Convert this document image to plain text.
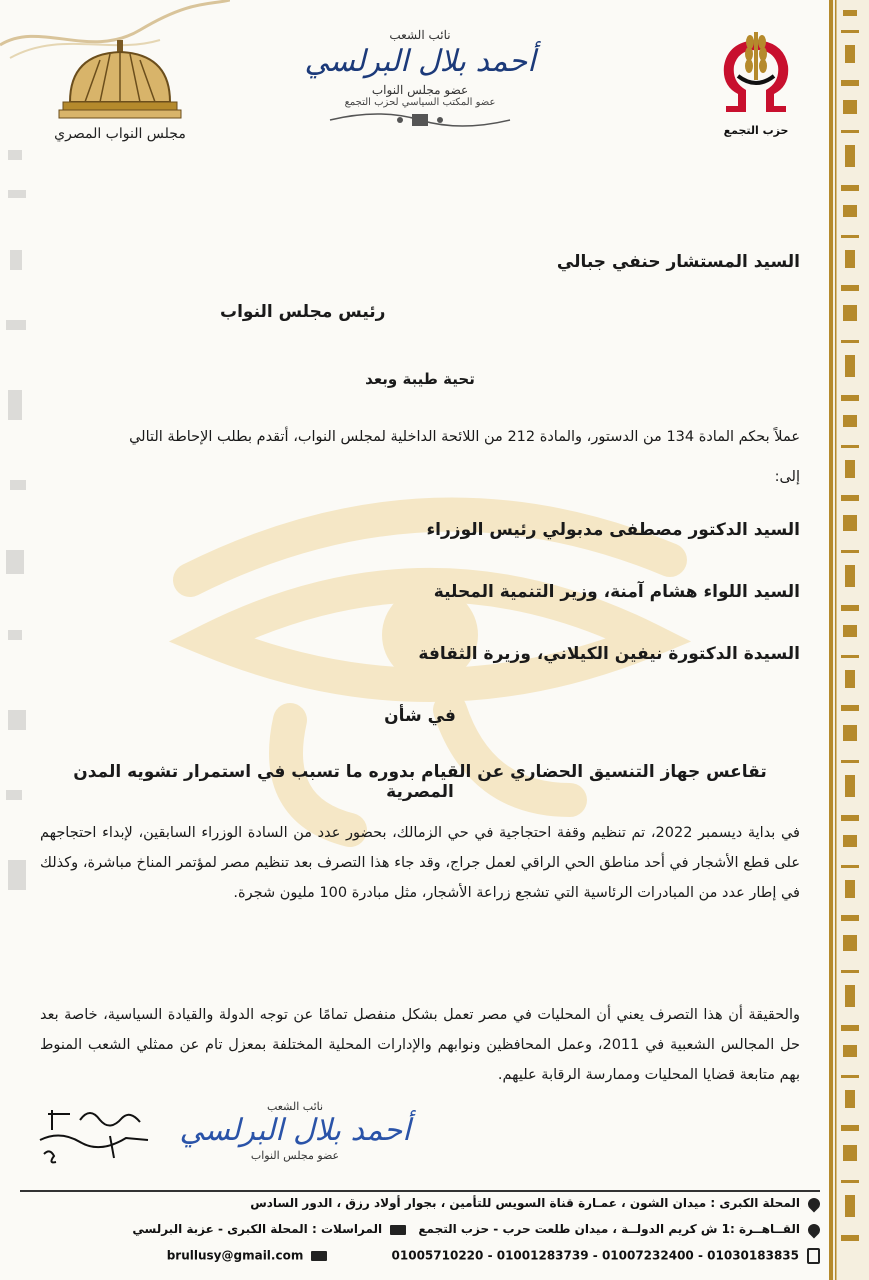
حزب التجمع
مجلس النواب المصري
نائب الشعب
أحمد بلال البرلسي
عضو مجلس النواب
عضو المكتب السياسي لحزب التجمع
السيد المستشار حنفي جبالي
رئيس مجلس النواب
تحية طيبة وبعد
عملاً بحكم المادة 134 من الدستور، والمادة 212 من اللائحة الداخلية لمجلس النواب، أتقدم بطلب الإحاطة التالي
إلى:
السيد الدكتور مصطفى مدبولي رئيس الوزراء
السيد اللواء هشام آمنة، وزير التنمية المحلية
السيدة الدكتورة نيفين الكيلاني، وزيرة الثقافة
في شأن
تقاعس جهاز التنسيق الحضاري عن القيام بدوره ما تسبب في استمرار تشويه المدن المصرية
في بداية ديسمبر 2022، تم تنظيم وقفة احتجاجية في حي الزمالك، بحضور عدد من السادة الوزراء السابقين، لإبداء احتجاجهم على قطع الأشجار في أحد مناطق الحي الراقي لعمل جراج، وقد جاء هذا التصرف بعد تنظيم مصر لمؤتمر المناخ مباشرة، وكذلك في إطار عدد من المبادرات الرئاسية التي تشجع زراعة الأشجار، مثل مبادرة 100 مليون شجرة.
والحقيقة أن هذا التصرف يعني أن المحليات في مصر تعمل بشكل منفصل تمامًا عن توجه الدولة والقيادة السياسية، خاصة بعد حل المجالس الشعبية في 2011، وعمل المحافظين ونوابهم والإدارات المحلية المختلفة بمعزل تام عن ممثلي الشعب المنوط بهم متابعة قضايا المحليات وممارسة الرقابة عليهم.
نائب الشعب
أحمد بلال البرلسي
عضو مجلس النواب
المحلة الكبرى : ميدان الشون ، عمـارة قناة السويس للتأمين ، بجوار أولاد رزق ، الدور السادس
القــاهــرة :1 ش كريم الدولــة ، ميدان طلعت حرب - حزب التجمع المراسلات : المحلة الكبرى - عزبة البرلسي
01030183835 - 01007232400 - 01001283739 - 01005710220 brullusy@gmail.com
